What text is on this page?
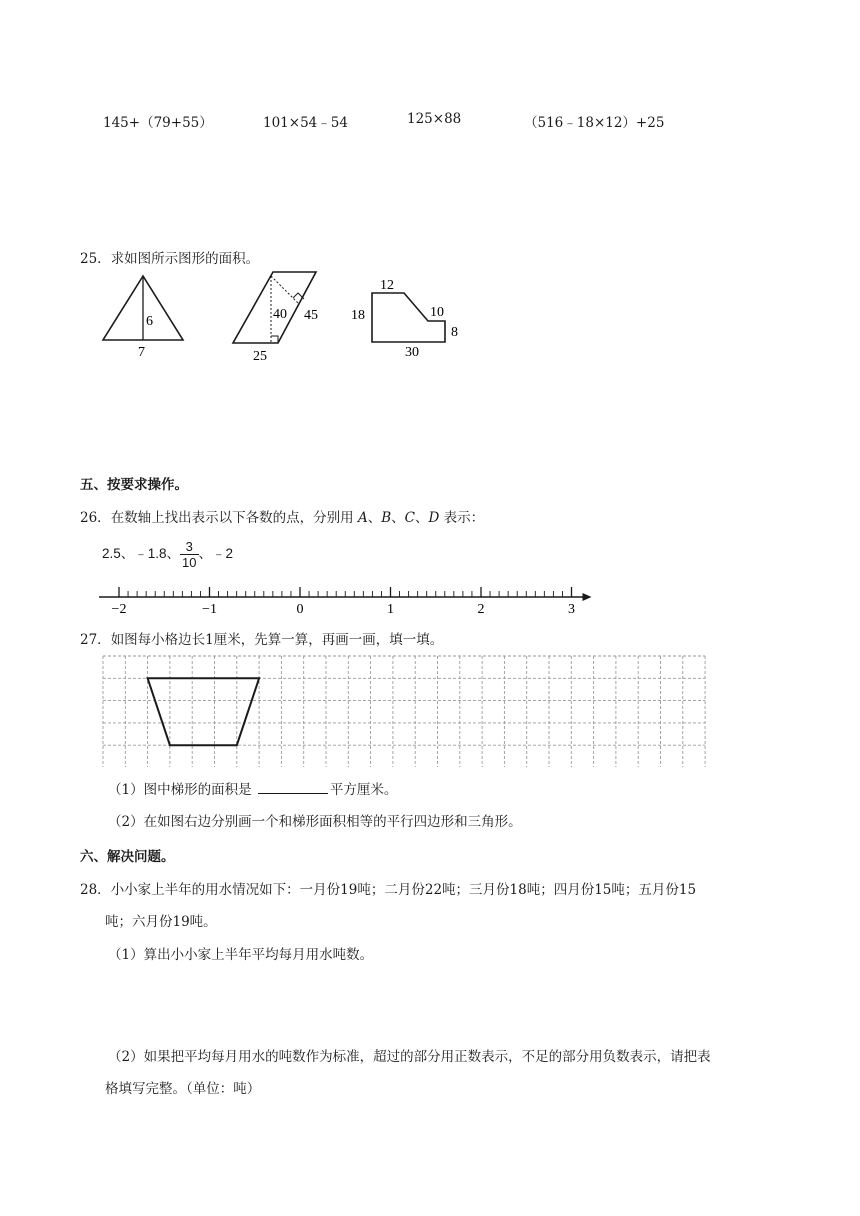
145+（79+55）	101×54﹣54	125×88	（516﹣18×12）+25
25．求如图所示图形的面积。
6
7
40 45
25
12
18	10
8
30
五、按要求操作。
26．在数轴上找出表示以下各数的点，分别用 A、B、C、D 表示：
2.5、﹣1.8、 $\frac{3}{10}$ 、﹣2
−2	−1	0	1	2	3
27．如图每小格边长1厘米，先算一算，再画一画，填一填。
（1）图中梯形的面积是	平方厘米。
（2）在如图右边分别画一个和梯形面积相等的平行四边形和三角形。
六、解决问题。
28．小小家上半年的用水情况如下：一月份19吨；二月份22吨；三月份18吨；四月份15吨；五月份15
吨；六月份19吨。
（1）算出小小家上半年平均每月用水吨数。
（2）如果把平均每月用水的吨数作为标准，超过的部分用正数表示，不足的部分用负数表示，请把表
格填写完整。（单位：吨）
